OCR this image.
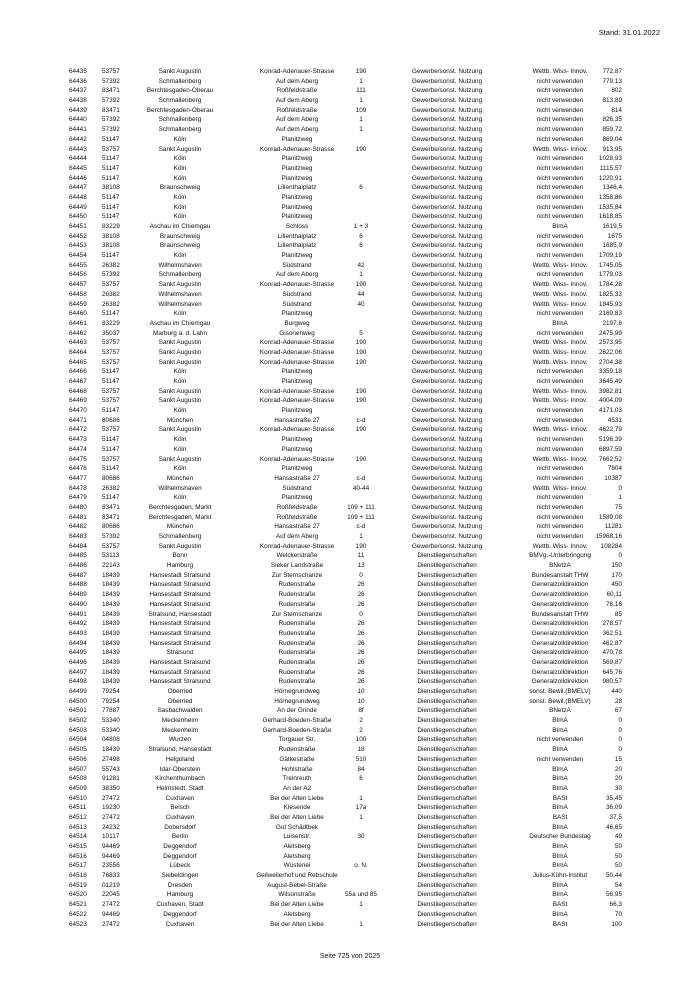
Stand: 31.01.2022
64435	53757	Sankt Augustin	Konrad-Adenauer-Strasse	190	Gewerbe/sonst. Nutzung	Wettb. Wiss- Innov.	772,87
64436	57392	Schmallenberg	Auf dem Aberg	1	Gewerbe/sonst. Nutzung	nicht verwenden	779,13
64437	83471	Berchtesgaden-Oberau	Roßfeldstraße	111	Gewerbe/sonst. Nutzung	nicht verwenden	802
64438	57392	Schmallenberg	Auf dem Aberg	1	Gewerbe/sonst. Nutzung	nicht verwenden	813,89
64439	83471	Berchtesgaden-Oberau	Roßfeldstraße	109	Gewerbe/sonst. Nutzung	nicht verwenden	814
64440	57392	Schmallenberg	Auf dem Aberg	1	Gewerbe/sonst. Nutzung	nicht verwenden	826,35
64441	57392	Schmallenberg	Auf dem Aberg	1	Gewerbe/sonst. Nutzung	nicht verwenden	859,72
64442	51147	Köln	Planitzweg	Gewerbe/sonst. Nutzung	nicht verwenden	869,04
64443	53757	Sankt Augustin	Konrad-Adenauer-Strasse	190	Gewerbe/sonst. Nutzung	Wettb. Wiss- Innov.	913,95
64444	51147	Köln	Planitzweg	Gewerbe/sonst. Nutzung	nicht verwenden	1028,93
64445	51147	Köln	Planitzweg	Gewerbe/sonst. Nutzung	nicht verwenden	1115,57
64446	51147	Köln	Planitzweg	Gewerbe/sonst. Nutzung	nicht verwenden	1220,91
64447	38108	Braunschweig	Lilienthalplatz	6	Gewerbe/sonst. Nutzung	nicht verwenden	1346,4
64448	51147	Köln	Planitzweg	Gewerbe/sonst. Nutzung	nicht verwenden	1358,86
64449	51147	Köln	Planitzweg	Gewerbe/sonst. Nutzung	nicht verwenden	1535,84
64450	51147	Köln	Planitzweg	Gewerbe/sonst. Nutzung	nicht verwenden	1618,85
64451	83229	Aschau im Chiemgau	Schloss	1 + 3	Gewerbe/sonst. Nutzung	BImA	1619,5
64452	38108	Braunschweig	Lilienthalplatz	6	Gewerbe/sonst. Nutzung	nicht verwenden	1675
64453	38108	Braunschweig	Lilienthalplatz	6	Gewerbe/sonst. Nutzung	nicht verwenden	1685,9
64454	51147	Köln	Planitzweg	Gewerbe/sonst. Nutzung	nicht verwenden	1709,19
64455	26382	Wilhelmshaven	Südstrand	42	Gewerbe/sonst. Nutzung	Wettb. Wiss- Innov.	1745,05
64456	57392	Schmallenberg	Auf dem Aberg	1	Gewerbe/sonst. Nutzung	nicht verwenden	1779,03
64457	53757	Sankt Augustin	Konrad-Adenauer-Strasse	190	Gewerbe/sonst. Nutzung	Wettb. Wiss- Innov.	1784,28
64458	26382	Wilhelmshaven	Südstrand	44	Gewerbe/sonst. Nutzung	Wettb. Wiss- Innov.	1825,33
64459	26382	Wilhelmshaven	Südstrand	40	Gewerbe/sonst. Nutzung	Wettb. Wiss- Innov.	1845,93
64460	51147	Köln	Planitzweg	Gewerbe/sonst. Nutzung	nicht verwenden	2169,83
64461	83229	Aschau im Chiemgau	Burgweg	Gewerbe/sonst. Nutzung	BImA	2197,6
64462	35037	Marburg a. d. Lahn	Gisonenweg	5	Gewerbe/sonst. Nutzung	nicht verwenden	2475,99
64463	53757	Sankt Augustin	Konrad-Adenauer-Strasse	190	Gewerbe/sonst. Nutzung	Wettb. Wiss- Innov.	2573,95
64464	53757	Sankt Augustin	Konrad-Adenauer-Strasse	190	Gewerbe/sonst. Nutzung	Wettb. Wiss- Innov.	2622,06
64465	53757	Sankt Augustin	Konrad-Adenauer-Strasse	190	Gewerbe/sonst. Nutzung	Wettb. Wiss- Innov.	2704,38
64466	51147	Köln	Planitzweg	Gewerbe/sonst. Nutzung	nicht verwenden	3359,18
64467	51147	Köln	Planitzweg	Gewerbe/sonst. Nutzung	nicht verwenden	3645,49
64468	53757	Sankt Augustin	Konrad-Adenauer-Strasse	190	Gewerbe/sonst. Nutzung	Wettb. Wiss- Innov.	3982,81
64469	53757	Sankt Augustin	Konrad-Adenauer-Strasse	190	Gewerbe/sonst. Nutzung	Wettb. Wiss- Innov.	4004,09
64470	51147	Köln	Planitzweg	Gewerbe/sonst. Nutzung	nicht verwenden	4171,03
64471	80686	München	Hansastraße 27	c-d	Gewerbe/sonst. Nutzung	nicht verwenden	4531
64472	53757	Sankt Augustin	Konrad-Adenauer-Strasse	190	Gewerbe/sonst. Nutzung	Wettb. Wiss- Innov.	4622,79
64473	51147	Köln	Planitzweg	Gewerbe/sonst. Nutzung	nicht verwenden	5196,39
64474	51147	Köln	Planitzweg	Gewerbe/sonst. Nutzung	nicht verwenden	6897,59
64475	53757	Sankt Augustin	Konrad-Adenauer-Strasse	190	Gewerbe/sonst. Nutzung	Wettb. Wiss- Innov.	7662,52
64476	51147	Köln	Planitzweg	Gewerbe/sonst. Nutzung	nicht verwenden	7804
64477	80686	München	Hansastraße 27	c-d	Gewerbe/sonst. Nutzung	nicht verwenden	10387
64478	26382	Wilhelmshaven	Südstrand	40-44	Gewerbe/sonst. Nutzung	Wettb. Wiss- Innov.	0
64479	51147	Köln	Planitzweg	Gewerbe/sonst. Nutzung	nicht verwenden	1
64480	83471	Berchtesgaden, Markt	Roßfeldstraße	109 + 111	Gewerbe/sonst. Nutzung	nicht verwenden	75
64481	83471	Berchtesgaden, Markt	Roßfeldstraße	109 + 111	Gewerbe/sonst. Nutzung	nicht verwenden	1589,08
64482	80686	München	Hansastraße 27	c-d	Gewerbe/sonst. Nutzung	nicht verwenden	11281
64483	57392	Schmallenberg	Auf dem Aberg	1	Gewerbe/sonst. Nutzung	nicht verwenden	15968,16
64484	53757	Sankt Augustin	Konrad-Adenauer-Strasse	190	Gewerbe/sonst. Nutzung	Wettb. Wiss- Innov.	108284
64485	53113	Bonn	Welckerstraße	11	Dienstliegenschaften	BMVg.-Unterbringung	0
64486	22143	Hamburg	Sieker Landstraße	13	Dienstliegenschaften	BNetzA	150
64487	18439	Hansestadt Stralsund	Zur Sternschanze	0	Dienstliegenschaften	Bundesanstalt THW	170
64488	18439	Hansestadt Stralsund	Rudenstraße	26	Dienstliegenschaften	Generalzolldirektion	450
64489	18439	Hansestadt Stralsund	Rudenstraße	26	Dienstliegenschaften	Generalzolldirektion	60,11
64490	18439	Hansestadt Stralsund	Rudenstraße	26	Dienstliegenschaften	Generalzolldirektion	76,16
64491	18439	Stralsund, Hansestadt	Zur Sternschanze	0	Dienstliegenschaften	Bundesanstalt THW	85
64492	18439	Hansestadt Stralsund	Rudenstraße	26	Dienstliegenschaften	Generalzolldirektion	278,57
64493	18439	Hansestadt Stralsund	Rudenstraße	26	Dienstliegenschaften	Generalzolldirektion	362,51
64494	18439	Hansestadt Stralsund	Rudenstraße	26	Dienstliegenschaften	Generalzolldirektion	462,87
64495	18439	Stralsund	Rudenstraße	26	Dienstliegenschaften	Generalzolldirektion	470,78
64496	18439	Hansestadt Stralsund	Rudenstraße	26	Dienstliegenschaften	Generalzolldirektion	569,87
64497	18439	Hansestadt Stralsund	Rudenstraße	26	Dienstliegenschaften	Generalzolldirektion	645,76
64498	18439	Hansestadt Stralsund	Rudenstraße	26	Dienstliegenschaften	Generalzolldirektion	980,57
64499	79254	Oberried	Hörnegrundweg	10	Dienstliegenschaften	sonst. Bewil.(BMELV)	440
64500	79254	Oberried	Hörnegrundweg	10	Dienstliegenschaften	sonst. Bewil.(BMELV)	28
64501	77887	Sasbachwalden	An der Grinde	8f	Dienstliegenschaften	BNetzA	67
64502	53340	Meckenheim	Gerhard-Boeden-Straße	2	Dienstliegenschaften	BImA	0
64503	53340	Meckenheim	Gerhard-Boeden-Straße	2	Dienstliegenschaften	BImA	0
64504	04808	Wurzen	Torgauer Str.	100	Dienstliegenschaften	nicht verwenden	0
64505	18439	Stralsund, Hansestadt	Rudenstraße	18	Dienstliegenschaften	BImA	0
64506	27498	Helgoland	Gätkestraße	510	Dienstliegenschaften	nicht verwenden	15
64507	55743	Idar-Oberstein	Hohlstraße	84	Dienstliegenschaften	BImA	20
64508	91281	Kirchenthumbach	Treinreuth	6	Dienstliegenschaften	BImA	20
64509	38350	Helmstedt, Stadt	An der A2	Dienstliegenschaften	BImA	30
64510	27472	Cuxhaven	Bei der Alten Liebe	1	Dienstliegenschaften	BASt	35,45
64511	19230	Belsch	Kiesende	17a	Dienstliegenschaften	BImA	36,09
64512	27472	Cuxhaven	Bei der Alten Liebe	1	Dienstliegenschaften	BASt	37,5
64513	24232	Dobersdorf	Gut Schädtbek	Dienstliegenschaften	BImA	46,65
64514	10117	Berlin	Luisenstr.	30	Dienstliegenschaften	Deutscher Bundestag	49
64515	94469	Deggendorf	Aletsberg	Dienstliegenschaften	BImA	50
64516	94469	Deggendorf	Aletsberg	Dienstliegenschaften	BImA	50
64517	23556	Lübeck	Wüstenei	o. N.	Dienstliegenschaften	BImA	50
64518	76833	Siebeldingen	Geilweilerhof und Rebschule	Dienstliegenschaften	Julius-Kühn-Institut	50,44
64519	01219	Dresden	August-Bebel-Straße	Dienstliegenschaften	BImA	54
64520	22045	Hamburg	Wilsonstraße	55a und 85	Dienstliegenschaften	BImA	56,95
64521	27472	Cuxhaven, Stadt	Bei der Alten Liebe	1	Dienstliegenschaften	BASt	66,3
64522	94469	Deggendorf	Aletsberg	Dienstliegenschaften	BImA	70
64523	27472	Cuxhaven	Bei der Alten Liebe	1	Dienstliegenschaften	BASt	100
Seite 725 von 2025
